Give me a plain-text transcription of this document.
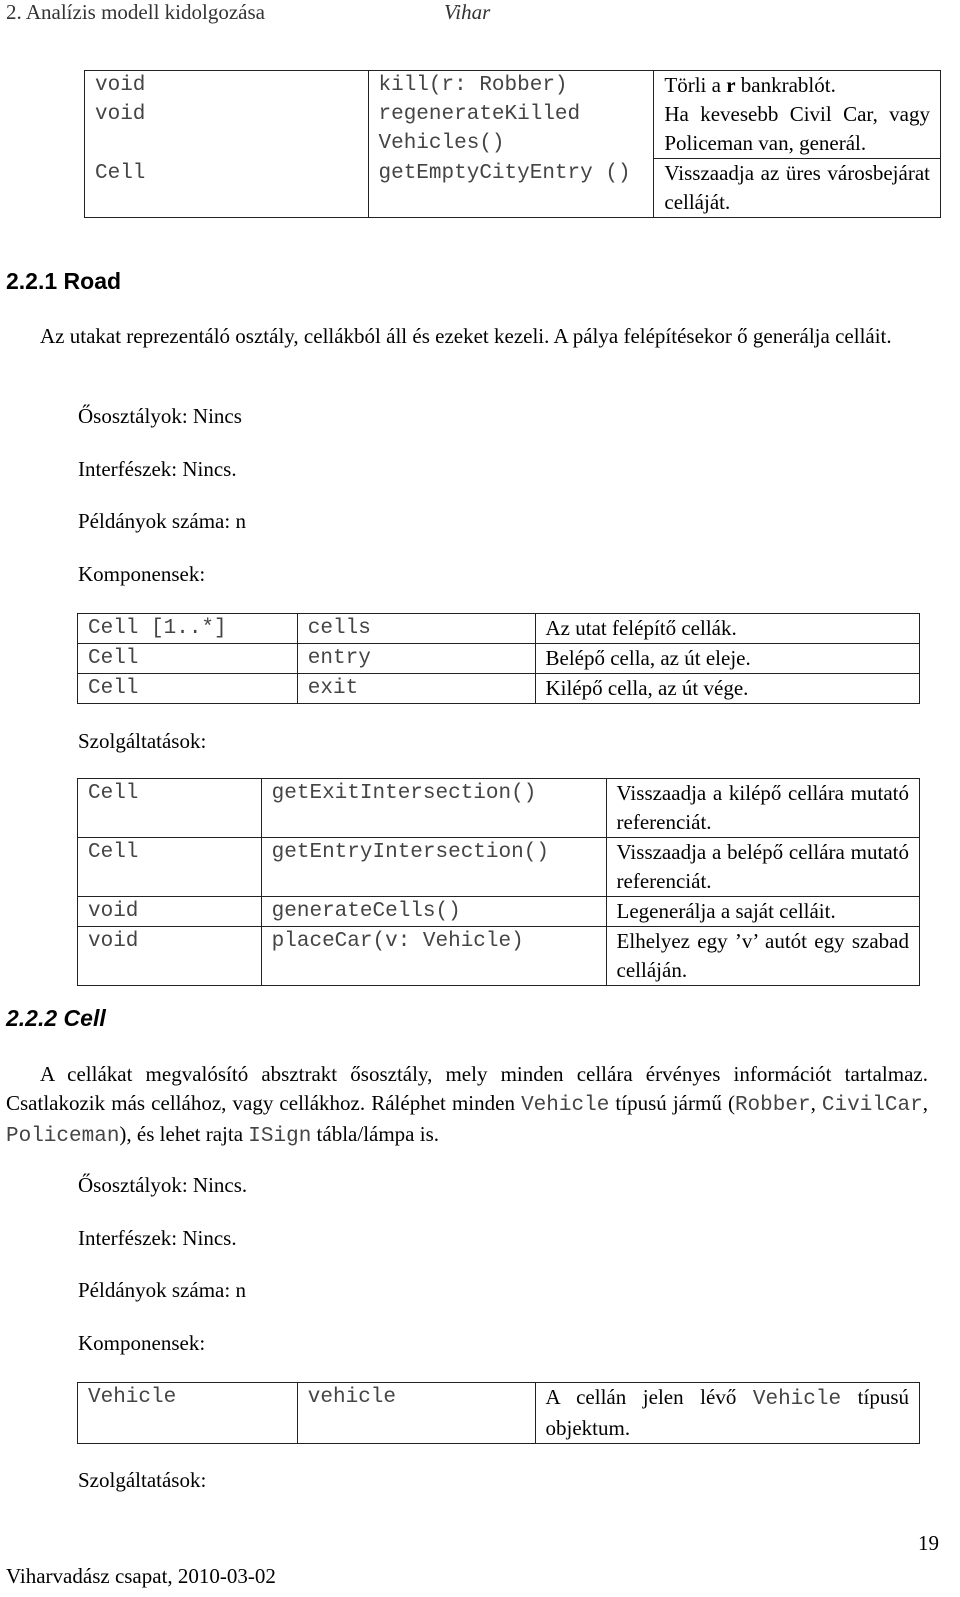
2. Analízis modell kidolgozása	Vihar
void	kill(r: Robber)	Törli a r bankrablót.
void	regenerateKilled Vehicles()	Ha kevesebb Civil Car, vagy Policeman van, generál.
Cell	getEmptyCityEntry ()	Visszaadja az üres városbejárat celláját.
2.2.1 Road
Az utakat reprezentáló osztály, cellákból áll és ezeket kezeli. A pálya felépítésekor ő generálja celláit.
Ősosztályok: Nincs
Interfészek: Nincs.
Példányok száma: n
Komponensek:
Cell [1..*]	cells	Az utat felépítő cellák.
Cell	entry	Belépő cella, az út eleje.
Cell	exit	Kilépő cella, az út vége.
Szolgáltatások:
Cell	getExitIntersection()	Visszaadja a kilépő cellára mutató referenciát.
Cell	getEntryIntersection()	Visszaadja a belépő cellára mutató referenciát.
void	generateCells()	Legenerálja a saját celláit.
void	placeCar(v: Vehicle)	Elhelyez egy ’v’ autót egy szabad celláján.
2.2.2 Cell
A cellákat megvalósító absztrakt ősosztály, mely minden cellára érvényes információt tartalmaz. Csatlakozik más cellához, vagy cellákhoz. Ráléphet minden Vehicle típusú jármű (Robber, CivilCar, Policeman), és lehet rajta ISign tábla/lámpa is.
Ősosztályok: Nincs.
Interfészek: Nincs.
Példányok száma: n
Komponensek:
Vehicle	vehicle	A cellán jelen lévő Vehicle típusú objektum.
Szolgáltatások:
19
Viharvadász csapat, 2010-03-02
